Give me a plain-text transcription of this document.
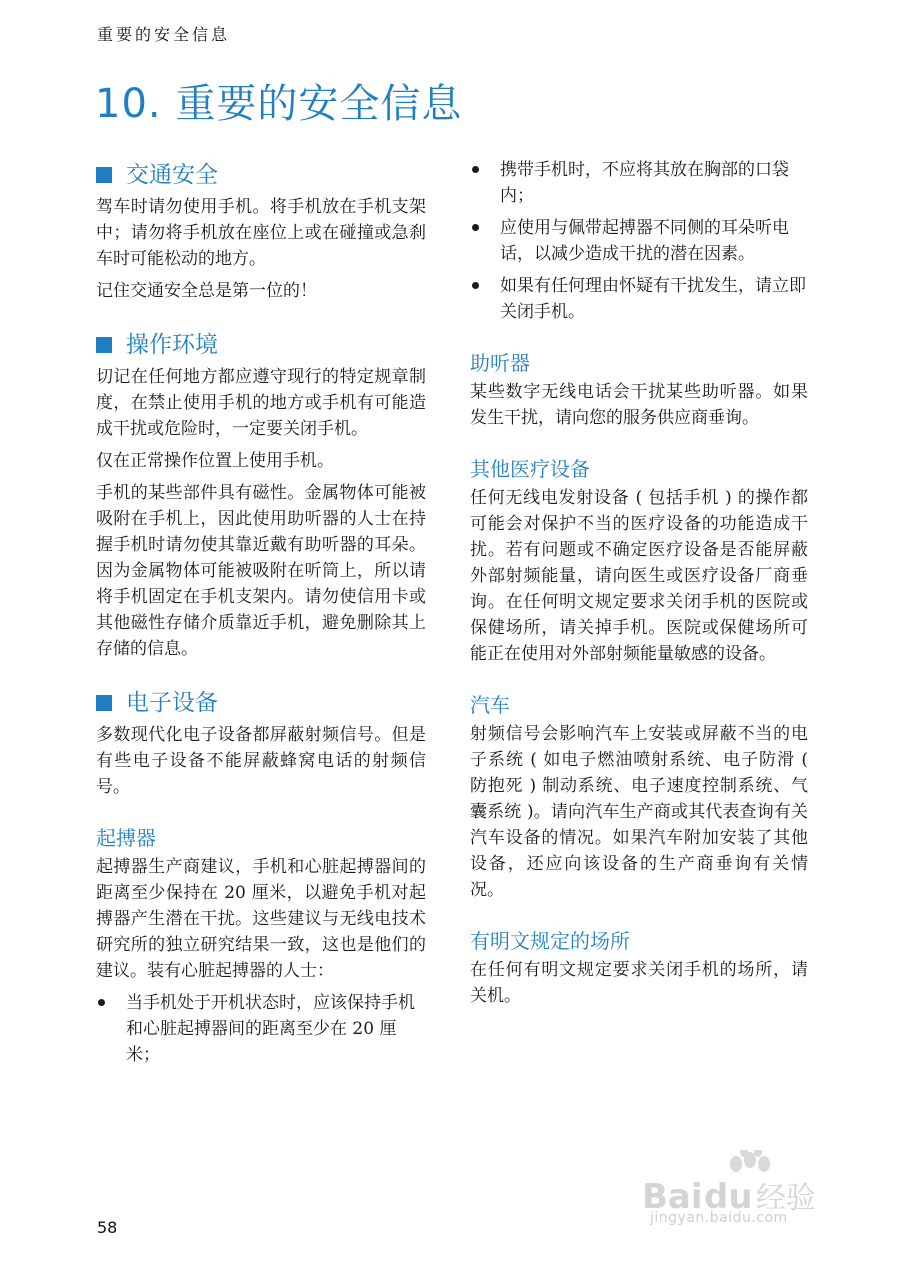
重要的安全信息
10. 重要的安全信息
交通安全

驾车时请勿使用手机。将手机放在手机支架中；请勿将手机放在座位上或在碰撞或急刹车时可能松动的地方。

记住交通安全总是第一位的！

操作环境

切记在任何地方都应遵守现行的特定规章制度，在禁止使用手机的地方或手机有可能造成干扰或危险时，一定要关闭手机。

仅在正常操作位置上使用手机。

手机的某些部件具有磁性。金属物体可能被吸附在手机上，因此使用助听器的人士在持握手机时请勿使其靠近戴有助听器的耳朵。因为金属物体可能被吸附在听筒上，所以请将手机固定在手机支架内。请勿使信用卡或其他磁性存储介质靠近手机，避免删除其上存储的信息。

电子设备

多数现代化电子设备都屏蔽射频信号。但是有些电子设备不能屏蔽蜂窝电话的射频信号。

起搏器

起搏器生产商建议，手机和心脏起搏器间的距离至少保持在 20 厘米，以避免手机对起搏器产生潜在干扰。这些建议与无线电技术研究所的独立研究结果一致，这也是他们的建议。装有心脏起搏器的人士：

当手机处于开机状态时，应该保持手机和心脏起搏器间的距离至少在 20 厘米；
携带手机时，不应将其放在胸部的口袋内；
应使用与佩带起搏器不同侧的耳朵听电话，以减少造成干扰的潜在因素。
如果有任何理由怀疑有干扰发生，请立即关闭手机。
助听器

某些数字无线电话会干扰某些助听器。如果发生干扰，请向您的服务供应商垂询。

其他医疗设备

任何无线电发射设备 ( 包括手机 ) 的操作都可能会对保护不当的医疗设备的功能造成干扰。若有问题或不确定医疗设备是否能屏蔽外部射频能量，请向医生或医疗设备厂商垂询。在任何明文规定要求关闭手机的医院或保健场所，请关掉手机。医院或保健场所可能正在使用对外部射频能量敏感的设备。

汽车

射频信号会影响汽车上安装或屏蔽不当的电子系统 ( 如电子燃油喷射系统、电子防滑 ( 防抱死 ) 制动系统、电子速度控制系统、气囊系统 )。请向汽车生产商或其代表查询有关汽车设备的情况。如果汽车附加安装了其他设备，还应向该设备的生产商垂询有关情况。

有明文规定的场所

在任何有明文规定要求关闭手机的场所，请关机。

58
Bai du 经验
jingyan.baidu.com
